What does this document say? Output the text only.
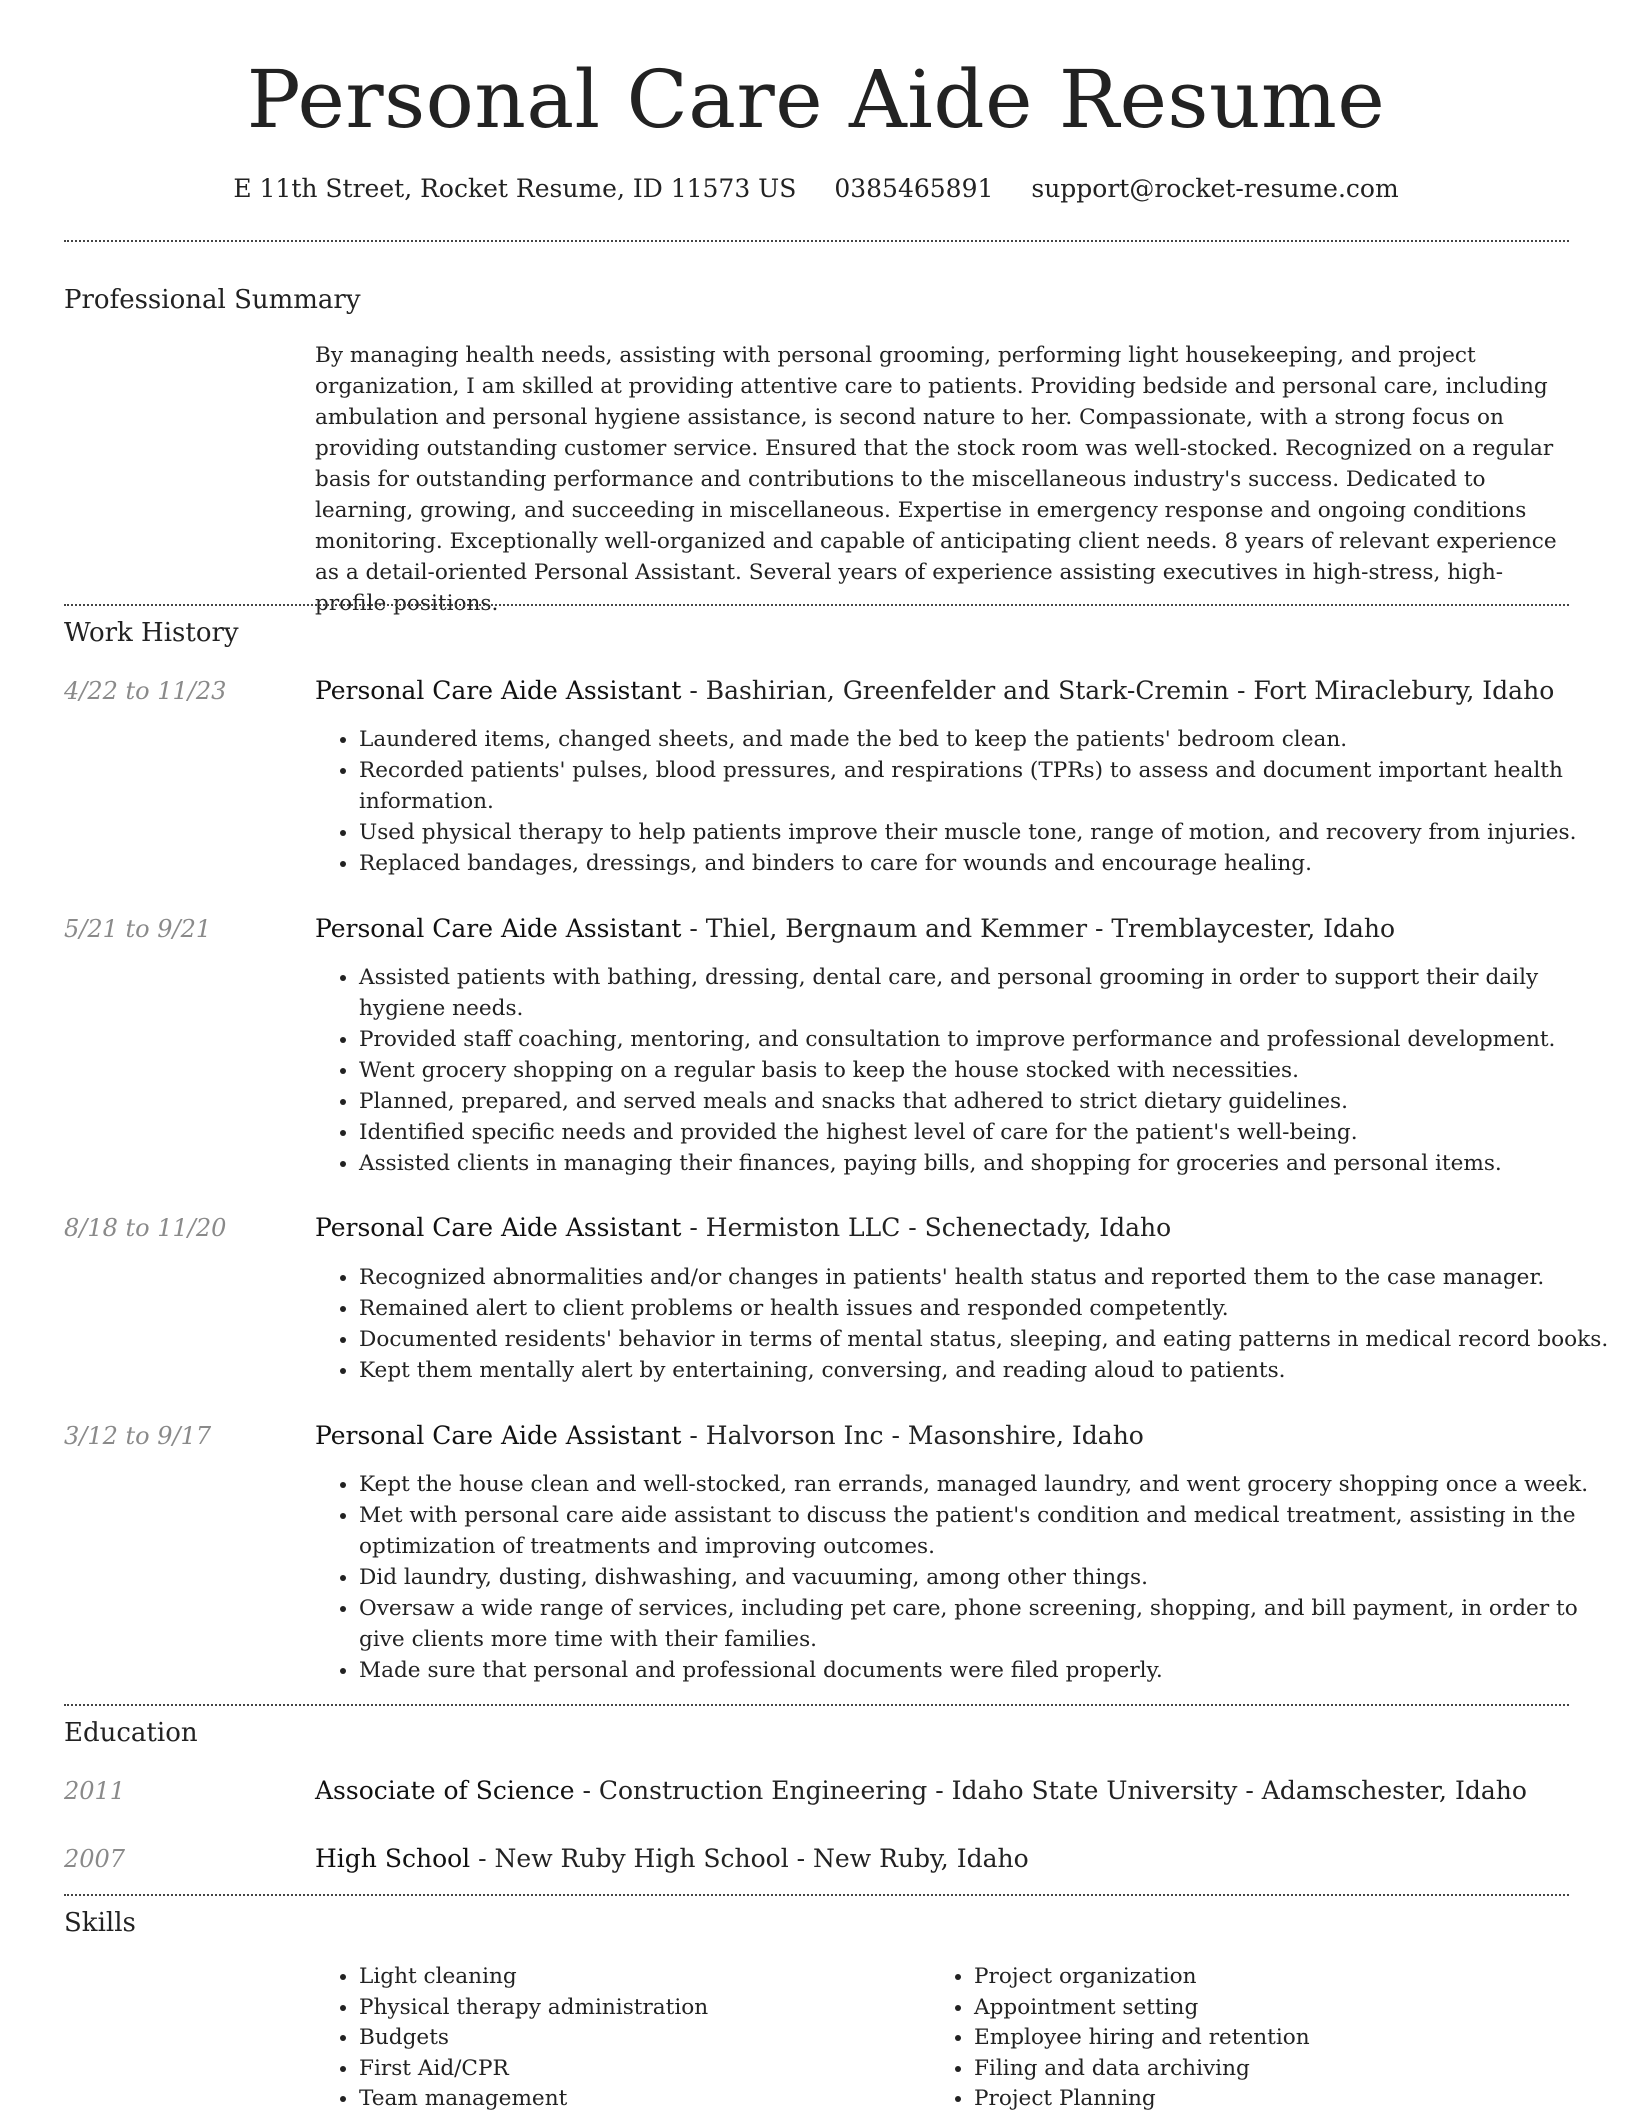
Personal Care Aide Resume
E 11th Street, Rocket Resume, ID 11573 US 0385465891 support@rocket-resume.com
Professional Summary

By managing health needs, assisting with personal grooming, performing light housekeeping, and project organization, I am skilled at providing attentive care to patients. Providing bedside and personal care, including ambulation and personal hygiene assistance, is second nature to her. Compassionate, with a strong focus on providing outstanding customer service. Ensured that the stock room was well-stocked. Recognized on a regular basis for outstanding performance and contributions to the miscellaneous industry's success. Dedicated to learning, growing, and succeeding in miscellaneous. Expertise in emergency response and ongoing conditions monitoring. Exceptionally well-organized and capable of anticipating client needs. 8 years of relevant experience as a detail-oriented Personal Assistant. Several years of experience assisting executives in high-stress, high-profile positions.

Work History
4/22 to 11/23	Personal Care Aide Assistant - Bashirian, Greenfelder and Stark-Cremin - Fort Miraclebury, Idaho
• Laundered items, changed sheets, and made the bed to keep the patients' bedroom clean.
• Recorded patients' pulses, blood pressures, and respirations (TPRs) to assess and document important health information.
• Used physical therapy to help patients improve their muscle tone, range of motion, and recovery from injuries.
• Replaced bandages, dressings, and binders to care for wounds and encourage healing.
5/21 to 9/21	Personal Care Aide Assistant - Thiel, Bergnaum and Kemmer - Tremblaycester, Idaho
• Assisted patients with bathing, dressing, dental care, and personal grooming in order to support their daily hygiene needs.
• Provided staff coaching, mentoring, and consultation to improve performance and professional development.
• Went grocery shopping on a regular basis to keep the house stocked with necessities.
• Planned, prepared, and served meals and snacks that adhered to strict dietary guidelines.
• Identified specific needs and provided the highest level of care for the patient's well-being.
• Assisted clients in managing their finances, paying bills, and shopping for groceries and personal items.
8/18 to 11/20	Personal Care Aide Assistant - Hermiston LLC - Schenectady, Idaho
• Recognized abnormalities and/or changes in patients' health status and reported them to the case manager.
• Remained alert to client problems or health issues and responded competently.
• Documented residents' behavior in terms of mental status, sleeping, and eating patterns in medical record books.
• Kept them mentally alert by entertaining, conversing, and reading aloud to patients.
3/12 to 9/17	Personal Care Aide Assistant - Halvorson Inc - Masonshire, Idaho
• Kept the house clean and well-stocked, ran errands, managed laundry, and went grocery shopping once a week.
• Met with personal care aide assistant to discuss the patient's condition and medical treatment, assisting in the optimization of treatments and improving outcomes.
• Did laundry, dusting, dishwashing, and vacuuming, among other things.
• Oversaw a wide range of services, including pet care, phone screening, shopping, and bill payment, in order to give clients more time with their families.
• Made sure that personal and professional documents were filed properly.
Education
2011	Associate of Science - Construction Engineering - Idaho State University - Adamschester, Idaho
2007	High School - New Ruby High School - New Ruby, Idaho
Skills
• Light cleaning
• Physical therapy administration
• Budgets
• First Aid/CPR
• Team management
• Project organization
• Appointment setting
• Employee hiring and retention
• Filing and data archiving
• Project Planning
